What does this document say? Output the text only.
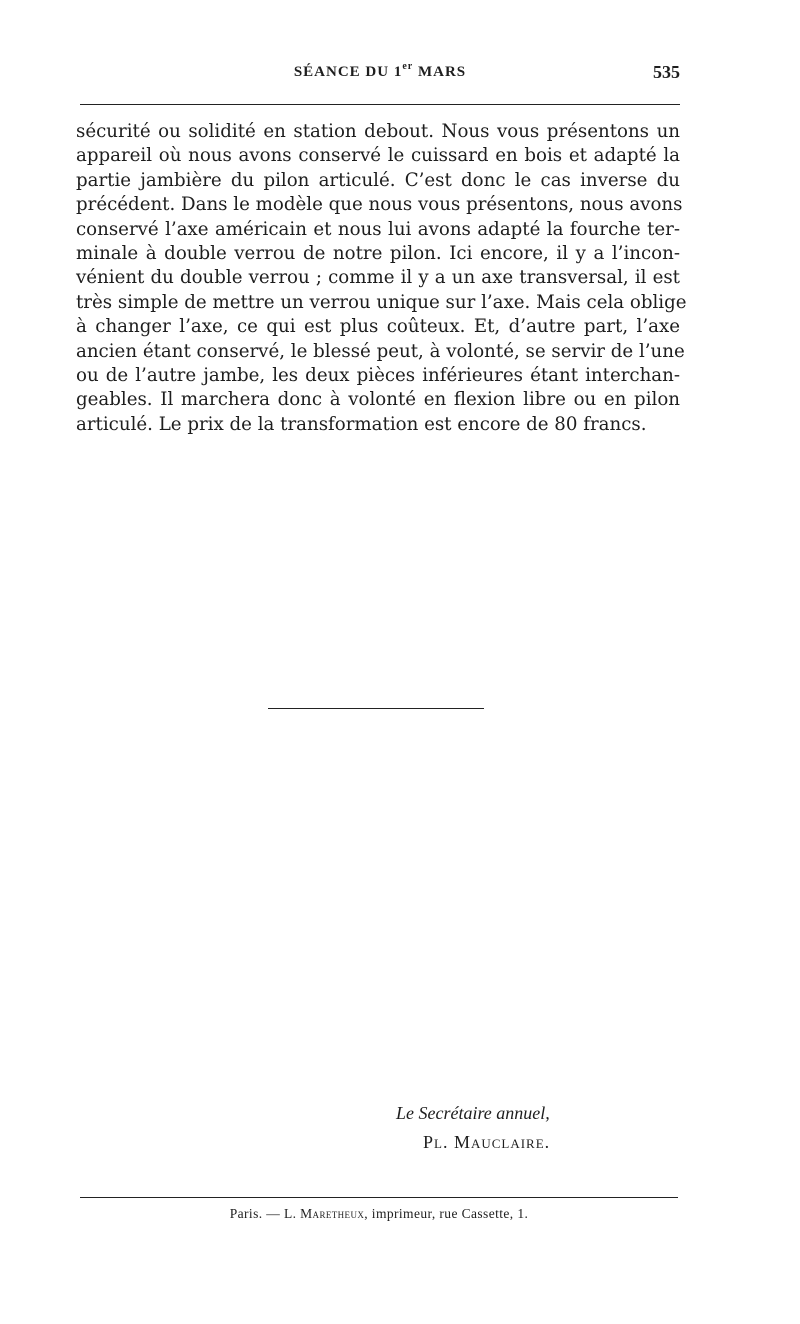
SÉANCE DU 1er MARS	535
sécurité ou solidité en station debout. Nous vous présentons un
appareil où nous avons conservé le cuissard en bois et adapté la
partie jambière du pilon articulé. C’est donc le cas inverse du
précédent. Dans le modèle que nous vous présentons, nous avons
conservé l’axe américain et nous lui avons adapté la fourche ter-
minale à double verrou de notre pilon. Ici encore, il y a l’incon-
vénient du double verrou ; comme il y a un axe transversal, il est
très simple de mettre un verrou unique sur l’axe. Mais cela oblige
à changer l’axe, ce qui est plus coûteux. Et, d’autre part, l’axe
ancien étant conservé, le blessé peut, à volonté, se servir de l’une
ou de l’autre jambe, les deux pièces inférieures étant interchan-
geables. Il marchera donc à volonté en flexion libre ou en pilon
articulé. Le prix de la transformation est encore de 80 francs.
Le Secrétaire annuel,
Pl. Mauclaire.
Paris. — L. Maretheux, imprimeur, rue Cassette, 1.
